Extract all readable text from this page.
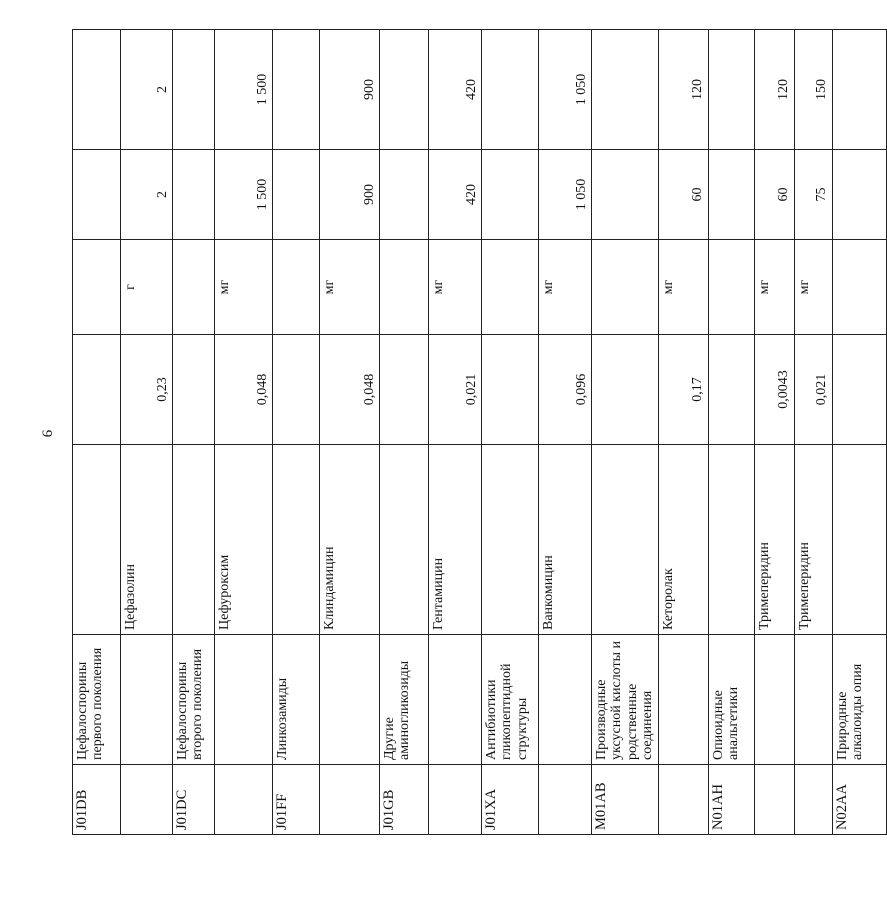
9
J01DB	Цефалоспорины первого поколения					
		Цефазолин	0,23	г	2	2
J01DC	Цефалоспорины второго поколения					
		Цефуроксим	0,048	мг	1 500	1 500
J01FF	Линкозамиды					
		Клиндамицин	0,048	мг	900	900
J01GB	Другие аминогликозиды					
		Гентамицин	0,021	мг	420	420
J01XA	Антибиотики гликопептидной структуры					
		Ванкомицин	0,096	мг	1 050	1 050
M01AB	Производные уксусной кислоты и родственные соединения					
		Кеторолак	0,17	мг	60	120
N01AH	Опиоидные анальгетики					
		Тримеперидин	0,0043	мг	60	120
		Тримеперидин	0,021	мг	75	150
N02AA	Природные алкалоиды опия					
